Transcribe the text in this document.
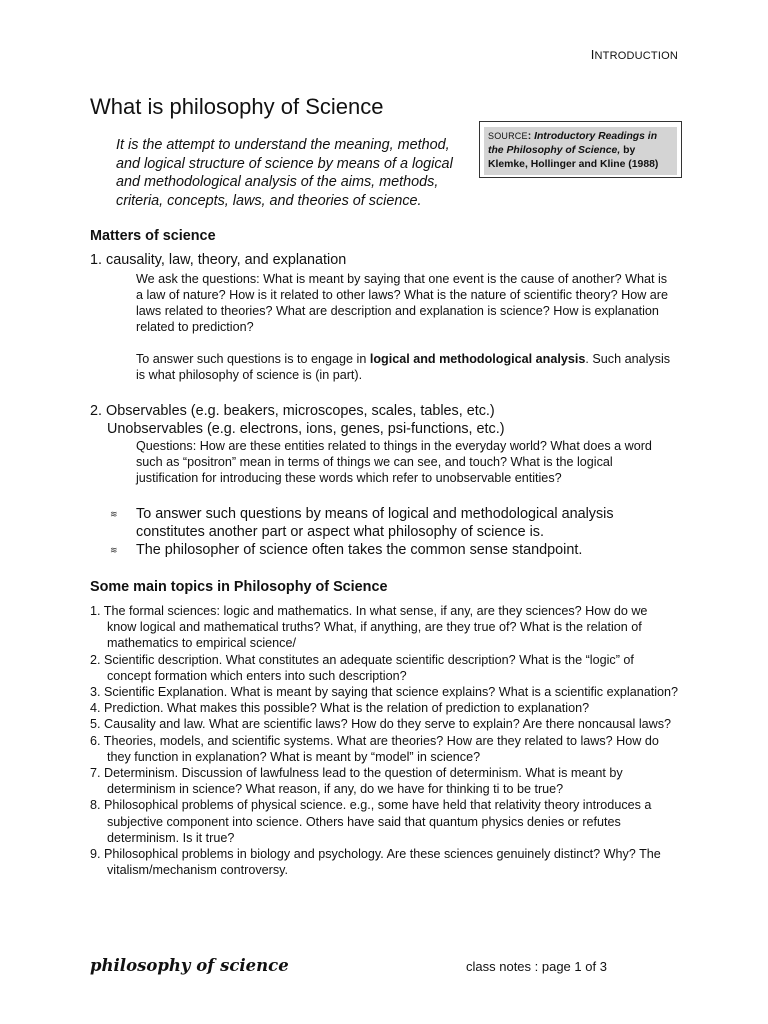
INTRODUCTION
What is philosophy of Science
SOURCE: Introductory Readings in the Philosophy of Science, by Klemke, Hollinger and Kline (1988)

It is the attempt to understand the meaning, method, and logical structure of science by means of a logical and methodological analysis of the aims, methods, criteria, concepts, laws, and theories of science.

Matters of science
1. causality, law, theory, and explanation

We ask the questions: What is meant by saying that one event is the cause of another? What is a law of nature? How is it related to other laws? What is the nature of scientific theory? How are laws related to theories? What are description and explanation is science? How is explanation related to prediction?

To answer such questions is to engage in logical and methodological analysis. Such analysis is what philosophy of science is (in part).

2. Observables (e.g. beakers, microscopes, scales, tables, etc.)
Unobservables (e.g. electrons, ions, genes, psi-functions, etc.)

Questions: How are these entities related to things in the everyday world? What does a word such as “positron” mean in terms of things we can see, and touch? What is the logical justification for introducing these words which refer to unobservable entities?

≋	To answer such questions by means of logical and methodological analysis constitutes another part or aspect what philosophy of science is.
≋	The philosopher of science often takes the common sense standpoint.
Some main topics in Philosophy of Science
1. The formal sciences: logic and mathematics. In what sense, if any, are they sciences? How do we know logical and mathematical truths? What, if anything, are they true of? What is the relation of mathematics to empirical science/
2. Scientific description. What constitutes an adequate scientific description? What is the “logic” of concept formation which enters into such description?
3. Scientific Explanation. What is meant by saying that science explains? What is a scientific explanation?
4. Prediction. What makes this possible? What is the relation of prediction to explanation?
5. Causality and law. What are scientific laws? How do they serve to explain? Are there noncausal laws?
6. Theories, models, and scientific systems. What are theories? How are they related to laws? How do they function in explanation? What is meant by “model” in science?
7. Determinism. Discussion of lawfulness lead to the question of determinism. What is meant by determinism in science? What reason, if any, do we have for thinking ti to be true?
8. Philosophical problems of physical science. e.g., some have held that relativity theory introduces a subjective component into science. Others have said that quantum physics denies or refutes determinism. Is it true?
9. Philosophical problems in biology and psychology. Are these sciences genuinely distinct? Why? The vitalism/mechanism controversy.
philosophy of science	class notes : page 1 of 3
